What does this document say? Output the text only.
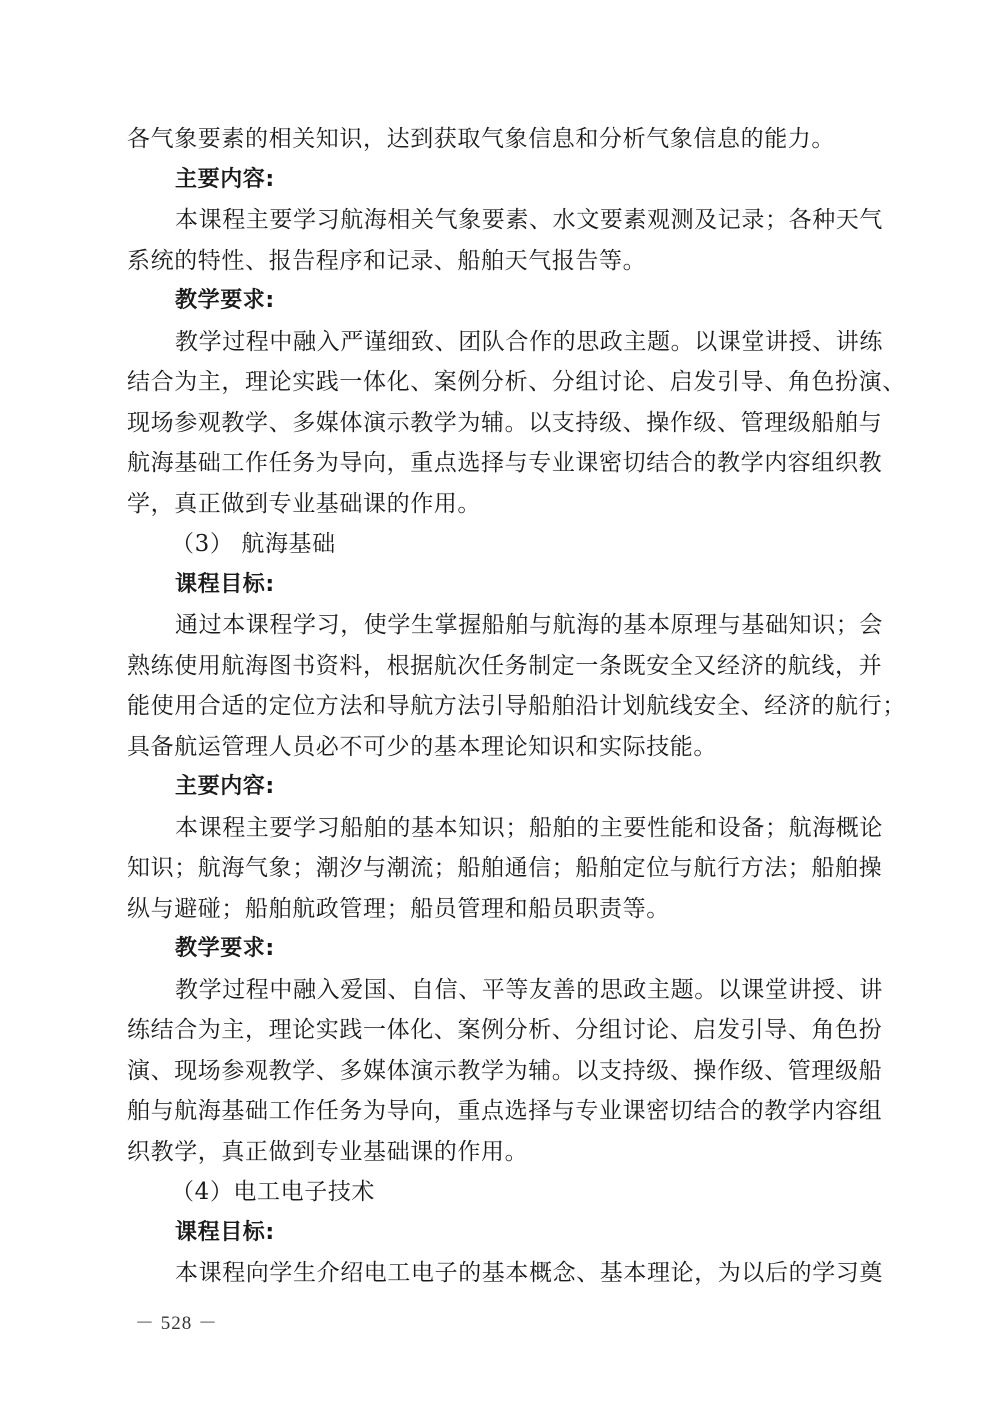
各气象要素的相关知识，达到获取气象信息和分析气象信息的能力。
主要内容:
本课程主要学习航海相关气象要素、水文要素观测及记录；各种天气
系统的特性、报告程序和记录、船舶天气报告等。
教学要求:
教学过程中融入严谨细致、团队合作的思政主题。以课堂讲授、讲练
结合为主，理论实践一体化、案例分析、分组讨论、启发引导、角色扮演、
现场参观教学、多媒体演示教学为辅。以支持级、操作级、管理级船舶与
航海基础工作任务为导向，重点选择与专业课密切结合的教学内容组织教
学，真正做到专业基础课的作用。
（3） 航海基础
课程目标:
通过本课程学习，使学生掌握船舶与航海的基本原理与基础知识；会
熟练使用航海图书资料，根据航次任务制定一条既安全又经济的航线，并
能使用合适的定位方法和导航方法引导船舶沿计划航线安全、经济的航行；
具备航运管理人员必不可少的基本理论知识和实际技能。
主要内容:
本课程主要学习船舶的基本知识；船舶的主要性能和设备；航海概论
知识；航海气象；潮汐与潮流；船舶通信；船舶定位与航行方法；船舶操
纵与避碰；船舶航政管理；船员管理和船员职责等。
教学要求:
教学过程中融入爱国、自信、平等友善的思政主题。以课堂讲授、讲
练结合为主，理论实践一体化、案例分析、分组讨论、启发引导、角色扮
演、现场参观教学、多媒体演示教学为辅。以支持级、操作级、管理级船
舶与航海基础工作任务为导向，重点选择与专业课密切结合的教学内容组
织教学，真正做到专业基础课的作用。
（4）电工电子技术
课程目标:
本课程向学生介绍电工电子的基本概念、基本理论，为以后的学习奠
－ 528 －
